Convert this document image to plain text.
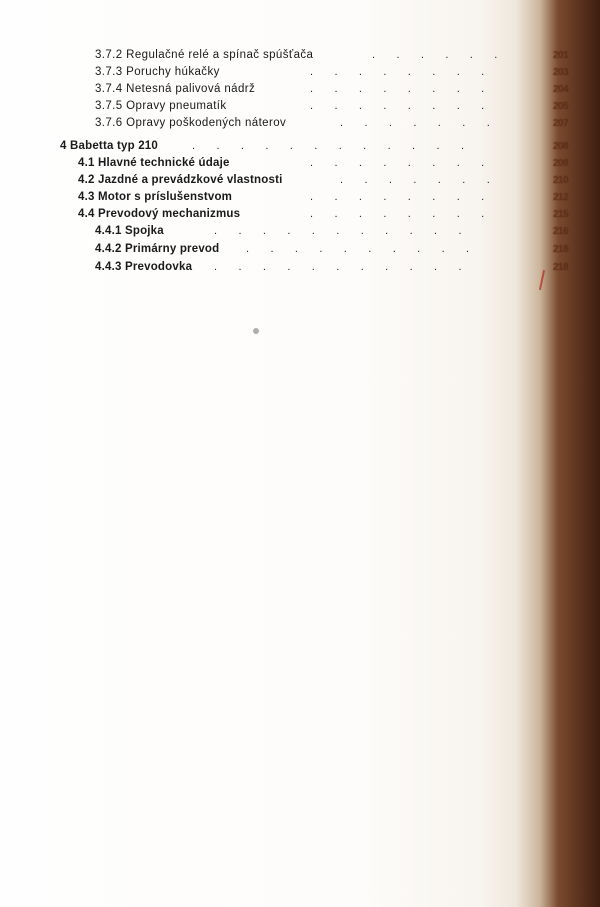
3.7.2 Regulačné relé a spínač spúšťača	.       .       .       .       .       .	201
3.7.3 Poruchy húkačky	.       .       .       .       .       .       .       .	203
3.7.4 Netesná palivová nádrž	.       .       .       .       .       .       .       .	204
3.7.5 Opravy pneumatík	.       .       .       .       .       .       .       .	205
3.7.6 Opravy poškodených náterov	.       .       .       .       .       .       .	207
4 Babetta typ 210	.       .       .       .       .       .       .       .       .       .       .       .	208
4.1 Hlavné technické údaje	.       .       .       .       .       .       .       .	208
4.2 Jazdné a prevádzkové vlastnosti	.       .       .       .       .       .       .	210
4.3 Motor s príslušenstvom	.       .       .       .       .       .       .       .	212
4.4 Prevodový mechanizmus	.       .       .       .       .       .       .       .	215
4.4.1 Spojka	.       .       .       .       .       .       .       .       .       .       .	216
4.4.2 Primárny prevod .       .       .       .       .       .       .       .       .       .	218
4.4.3 Prevodovka .       .       .       .       .       .       .       .       .       .       .	218
